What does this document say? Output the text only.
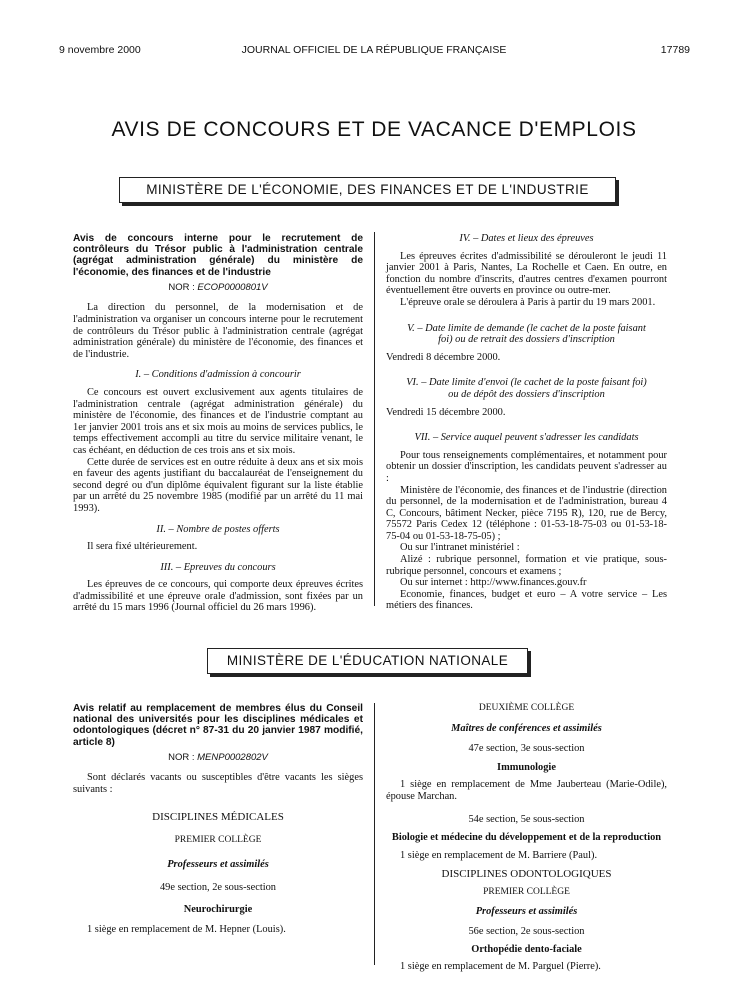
9 novembre 2000	JOURNAL OFFICIEL DE LA RÉPUBLIQUE FRANÇAISE	17789
AVIS DE CONCOURS ET DE VACANCE D'EMPLOIS
MINISTÈRE DE L'ÉCONOMIE, DES FINANCES ET DE L'INDUSTRIE
Avis de concours interne pour le recrutement de contrôleurs du Trésor public à l'administration centrale (agrégat administration générale) du ministère de l'économie, des finances et de l'industrie
NOR : ECOP0000801V

La direction du personnel, de la modernisation et de l'administration va organiser un concours interne pour le recrutement de contrôleurs du Trésor public à l'administration centrale (agrégat administration générale) du ministère de l'économie, des finances et de l'industrie.

I. – Conditions d'admission à concourir

Ce concours est ouvert exclusivement aux agents titulaires de l'administration centrale (agrégat administration générale) du ministère de l'économie, des finances et de l'industrie comptant au 1er janvier 2001 trois ans et six mois au moins de services publics, le temps effectivement accompli au titre du service militaire venant, le cas échéant, en déduction de ces trois ans et six mois.

Cette durée de services est en outre réduite à deux ans et six mois en faveur des agents justifiant du baccalauréat de l'enseignement du second degré ou d'un diplôme équivalent figurant sur la liste établie par un arrêté du 25 novembre 1985 (modifié par un arrêté du 11 mai 1993).

II. – Nombre de postes offerts

Il sera fixé ultérieurement.

III. – Epreuves du concours

Les épreuves de ce concours, qui comporte deux épreuves écrites d'admissibilité et une épreuve orale d'admission, sont fixées par un arrêté du 15 mars 1996 (Journal officiel du 26 mars 1996).

IV. – Dates et lieux des épreuves

Les épreuves écrites d'admissibilité se dérouleront le jeudi 11 janvier 2001 à Paris, Nantes, La Rochelle et Caen. En outre, en fonction du nombre d'inscrits, d'autres centres d'examen pourront éventuellement être ouverts en province ou outre-mer.

L'épreuve orale se déroulera à Paris à partir du 19 mars 2001.

V. – Date limite de demande (le cachet de la poste faisant foi) ou de retrait des dossiers d'inscription

Vendredi 8 décembre 2000.

VI. – Date limite d'envoi (le cachet de la poste faisant foi) ou de dépôt des dossiers d'inscription

Vendredi 15 décembre 2000.

VII. – Service auquel peuvent s'adresser les candidats

Pour tous renseignements complémentaires, et notamment pour obtenir un dossier d'inscription, les candidats peuvent s'adresser au :

Ministère de l'économie, des finances et de l'industrie (direction du personnel, de la modernisation et de l'administration, bureau 4 C, Concours, bâtiment Necker, pièce 7195 R), 120, rue de Bercy, 75572 Paris Cedex 12 (téléphone : 01-53-18-75-03 ou 01-53-18-75-04 ou 01-53-18-75-05) ;

Ou sur l'intranet ministériel :

Alizé : rubrique personnel, formation et vie pratique, sous-rubrique personnel, concours et examens ;

Ou sur internet : http://www.finances.gouv.fr

Economie, finances, budget et euro – A votre service – Les métiers des finances.

MINISTÈRE DE L'ÉDUCATION NATIONALE
Avis relatif au remplacement de membres élus du Conseil national des universités pour les disciplines médicales et odontologiques (décret n° 87-31 du 20 janvier 1987 modifié, article 8)
NOR : MENP0002802V

Sont déclarés vacants ou susceptibles d'être vacants les sièges suivants :

DISCIPLINES MÉDICALES
PREMIER COLLÈGE
Professeurs et assimilés
49e section, 2e sous-section
Neurochirurgie

1 siège en remplacement de M. Hepner (Louis).

DEUXIÈME COLLÈGE
Maîtres de conférences et assimilés
47e section, 3e sous-section
Immunologie

1 siège en remplacement de Mme Jauberteau (Marie-Odile), épouse Marchan.

54e section, 5e sous-section
Biologie et médecine du développement et de la reproduction

1 siège en remplacement de M. Barriere (Paul).

DISCIPLINES ODONTOLOGIQUES
PREMIER COLLÈGE
Professeurs et assimilés
56e section, 2e sous-section
Orthopédie dento-faciale

1 siège en remplacement de M. Parguel (Pierre).
